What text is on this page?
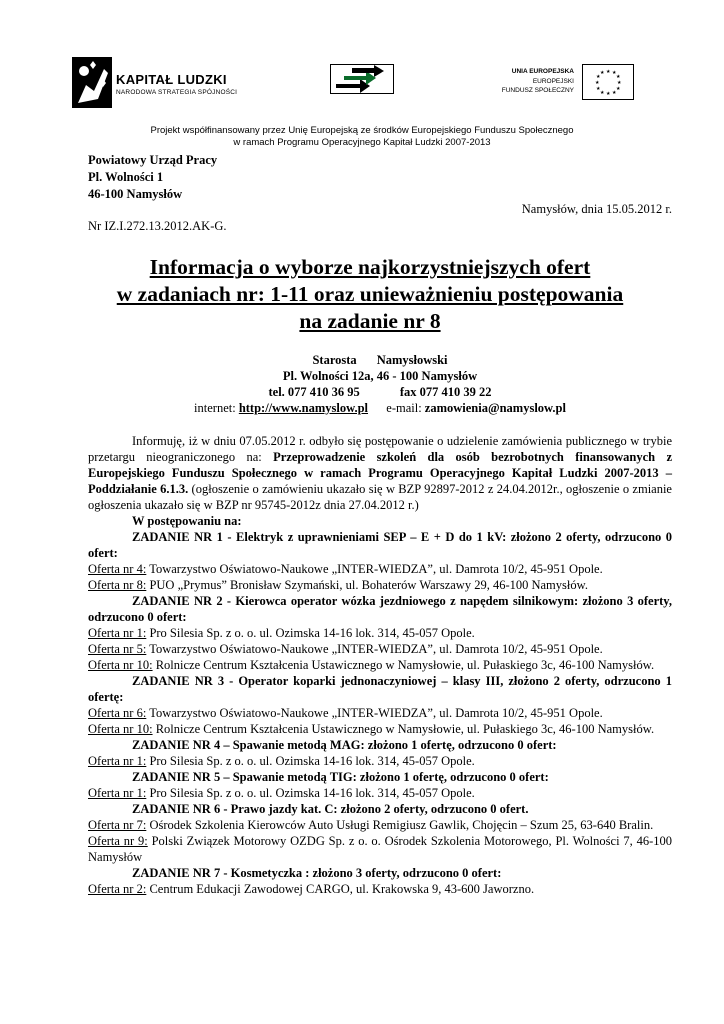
KAPITAŁ LUDZKI
NARODOWA STRATEGIA SPÓJNOŚCI
UNIA EUROPEJSKA
EUROPEJSKI
FUNDUSZ SPOŁECZNY
★ ★
★
★
★
★
★
★
★
★
★
★
Projekt współfinansowany przez Unię Europejską ze środków Europejskiego Funduszu Społecznego
w ramach Programu Operacyjnego Kapitał Ludzki 2007-2013
Powiatowy Urząd Pracy
Pl. Wolności 1
46-100 Namysłów
Namysłów, dnia 15.05.2012 r.
Nr IZ.I.272.13.2012.AK-G.
Informacja o wyborze najkorzystniejszych ofert
w zadaniach nr: 1-11 oraz unieważnieniu postępowania
na zadanie nr 8
Starosta Namysłowski
Pl. Wolności 12a, 46 - 100 Namysłów
tel. 077 410 36 95	fax 077 410 39 22
internet: http://www.namyslow.pl e-mail: zamowienia@namyslow.pl

Informuję, iż w dniu 07.05.2012 r. odbyło się postępowanie o udzielenie zamówienia publicznego w trybie przetargu nieograniczonego na: Przeprowadzenie szkoleń dla osób bezrobotnych finansowanych z Europejskiego Funduszu Społecznego w ramach Programu Operacyjnego Kapitał Ludzki 2007-2013 – Poddziałanie 6.1.3. (ogłoszenie o zamówieniu ukazało się w BZP 92897-2012 z 24.04.2012r., ogłoszenie o zmianie ogłoszenia ukazało się w BZP nr 95745-2012z dnia 27.04.2012 r.)

W postępowaniu na:

ZADANIE NR 1 - Elektryk z uprawnieniami SEP – E + D do 1 kV: złożono 2 oferty, odrzucono 0 ofert:

Oferta nr 4: Towarzystwo Oświatowo-Naukowe „INTER-WIEDZA”, ul. Damrota 10/2, 45-951 Opole.

Oferta nr 8: PUO „Prymus” Bronisław Szymański, ul. Bohaterów Warszawy 29, 46-100 Namysłów.

ZADANIE NR 2 - Kierowca operator wózka jezdniowego z napędem silnikowym: złożono 3 oferty, odrzucono 0 ofert:

Oferta nr 1: Pro Silesia Sp. z o. o. ul. Ozimska 14-16 lok. 314, 45-057 Opole.

Oferta nr 5: Towarzystwo Oświatowo-Naukowe „INTER-WIEDZA”, ul. Damrota 10/2, 45-951 Opole.

Oferta nr 10: Rolnicze Centrum Kształcenia Ustawicznego w Namysłowie, ul. Pułaskiego 3c, 46-100 Namysłów.

ZADANIE NR 3 - Operator koparki jednonaczyniowej – klasy III, złożono 2 oferty, odrzucono 1 ofertę:

Oferta nr 6: Towarzystwo Oświatowo-Naukowe „INTER-WIEDZA”, ul. Damrota 10/2, 45-951 Opole.

Oferta nr 10: Rolnicze Centrum Kształcenia Ustawicznego w Namysłowie, ul. Pułaskiego 3c, 46-100 Namysłów.

ZADANIE NR 4 – Spawanie metodą MAG: złożono 1 ofertę, odrzucono 0 ofert:

Oferta nr 1: Pro Silesia Sp. z o. o. ul. Ozimska 14-16 lok. 314, 45-057 Opole.

ZADANIE NR 5 – Spawanie metodą TIG: złożono 1 ofertę, odrzucono 0 ofert:

Oferta nr 1: Pro Silesia Sp. z o. o. ul. Ozimska 14-16 lok. 314, 45-057 Opole.

ZADANIE NR 6 - Prawo jazdy kat. C: złożono 2 oferty, odrzucono 0 ofert.

Oferta nr 7: Ośrodek Szkolenia Kierowców Auto Usługi Remigiusz Gawlik, Chojęcin – Szum 25, 63-640 Bralin.

Oferta nr 9: Polski Związek Motorowy OZDG Sp. z o. o. Ośrodek Szkolenia Motorowego, Pl. Wolności 7, 46-100 Namysłów

ZADANIE NR 7 - Kosmetyczka : złożono 3 oferty, odrzucono 0 ofert:

Oferta nr 2: Centrum Edukacji Zawodowej CARGO, ul. Krakowska 9, 43-600 Jaworzno.
